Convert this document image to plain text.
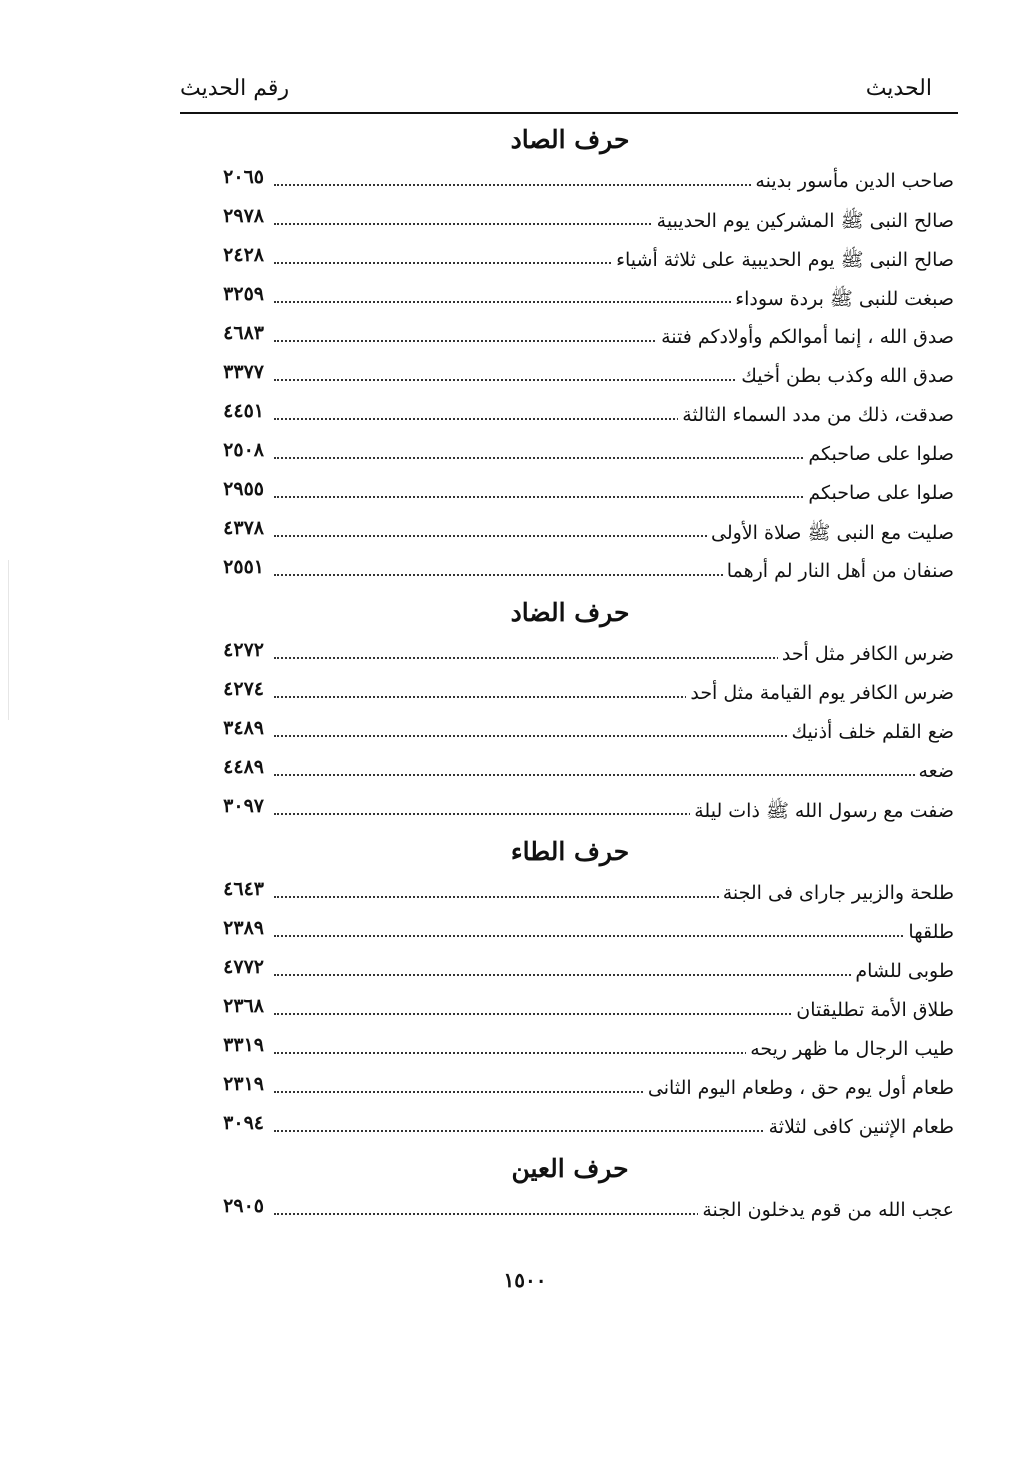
الحديث
رقم الحديث
حرف الصاد
صاحب الدين مأسور بدينه
٢٠٦٥
صالح النبى ﷺ المشركين يوم الحديبية
٢٩٧٨
صالح النبى ﷺ يوم الحديبية على ثلاثة أشياء
٢٤٢٨
صبغت للنبى ﷺ بردة سوداء
٣٢٥٩
صدق الله ، إنما أموالكم وأولادكم فتنة
٤٦٨٣
صدق الله وكذب بطن أخيك
٣٣٧٧
صدقت، ذلك من مدد السماء الثالثة
٤٤٥١
صلوا على صاحبكم
٢٥٠٨
صلوا على صاحبكم
٢٩٥٥
صليت مع النبى ﷺ صلاة الأولى
٤٣٧٨
صنفان من أهل النار لم أرهما
٢٥٥١
حرف الضاد
ضرس الكافر مثل أحد
٤٢٧٢
ضرس الكافر يوم القيامة مثل أحد
٤٢٧٤
ضع القلم خلف أذنيك
٣٤٨٩
ضعه
٤٤٨٩
ضفت مع رسول الله ﷺ ذات ليلة
٣٠٩٧
حرف الطاء
طلحة والزبير جاراى فى الجنة
٤٦٤٣
طلقها
٢٣٨٩
طوبى للشام
٤٧٧٢
طلاق الأمة تطليقتان
٢٣٦٨
طيب الرجال ما ظهر ريحه
٣٣١٩
طعام أول يوم حق ، وطعام اليوم الثانى
٢٣١٩
طعام الإثنين كافى لثلاثة
٣٠٩٤
حرف العين
عجب الله من قوم يدخلون الجنة
٢٩٠٥
١٥٠٠
